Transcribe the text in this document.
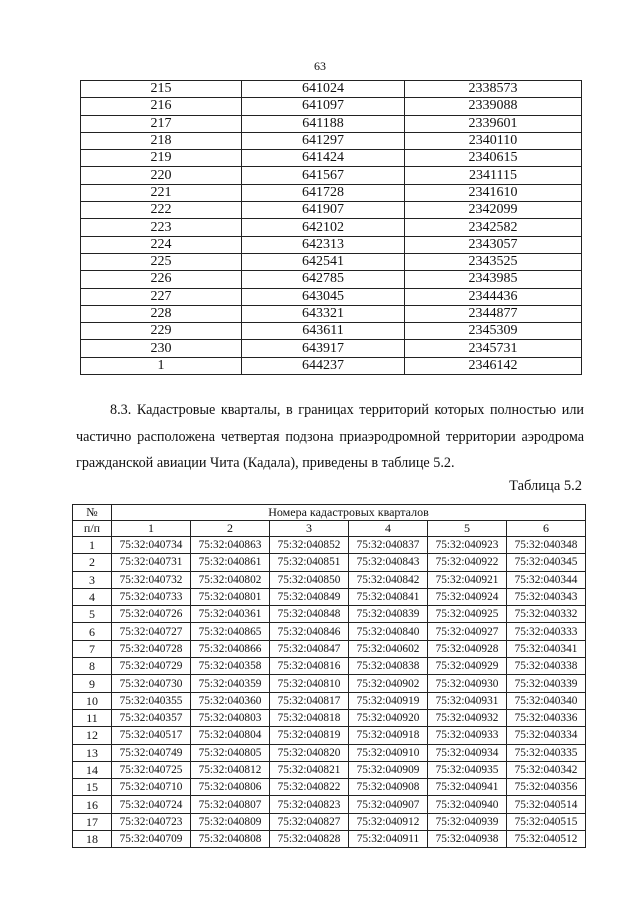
63
215	641024	2338573
216	641097	2339088
217	641188	2339601
218	641297	2340110
219	641424	2340615
220	641567	2341115
221	641728	2341610
222	641907	2342099
223	642102	2342582
224	642313	2343057
225	642541	2343525
226	642785	2343985
227	643045	2344436
228	643321	2344877
229	643611	2345309
230	643917	2345731
1	644237	2346142

8.3. Кадастровые кварталы, в границах территорий которых полностью или частично расположена четвертая подзона приаэродромной территории аэродрома гражданской авиации Чита (Кадала), приведены в таблице 5.2.

Таблица 5.2
№	Номера кадастровых кварталов					
п/п	1	2	3	4	5	6
1	75:32:040734	75:32:040863	75:32:040852	75:32:040837	75:32:040923	75:32:040348
2	75:32:040731	75:32:040861	75:32:040851	75:32:040843	75:32:040922	75:32:040345
3	75:32:040732	75:32:040802	75:32:040850	75:32:040842	75:32:040921	75:32:040344
4	75:32:040733	75:32:040801	75:32:040849	75:32:040841	75:32:040924	75:32:040343
5	75:32:040726	75:32:040361	75:32:040848	75:32:040839	75:32:040925	75:32:040332
6	75:32:040727	75:32:040865	75:32:040846	75:32:040840	75:32:040927	75:32:040333
7	75:32:040728	75:32:040866	75:32:040847	75:32:040602	75:32:040928	75:32:040341
8	75:32:040729	75:32:040358	75:32:040816	75:32:040838	75:32:040929	75:32:040338
9	75:32:040730	75:32:040359	75:32:040810	75:32:040902	75:32:040930	75:32:040339
10	75:32:040355	75:32:040360	75:32:040817	75:32:040919	75:32:040931	75:32:040340
11	75:32:040357	75:32:040803	75:32:040818	75:32:040920	75:32:040932	75:32:040336
12	75:32:040517	75:32:040804	75:32:040819	75:32:040918	75:32:040933	75:32:040334
13	75:32:040749	75:32:040805	75:32:040820	75:32:040910	75:32:040934	75:32:040335
14	75:32:040725	75:32:040812	75:32:040821	75:32:040909	75:32:040935	75:32:040342
15	75:32:040710	75:32:040806	75:32:040822	75:32:040908	75:32:040941	75:32:040356
16	75:32:040724	75:32:040807	75:32:040823	75:32:040907	75:32:040940	75:32:040514
17	75:32:040723	75:32:040809	75:32:040827	75:32:040912	75:32:040939	75:32:040515
18	75:32:040709	75:32:040808	75:32:040828	75:32:040911	75:32:040938	75:32:040512
